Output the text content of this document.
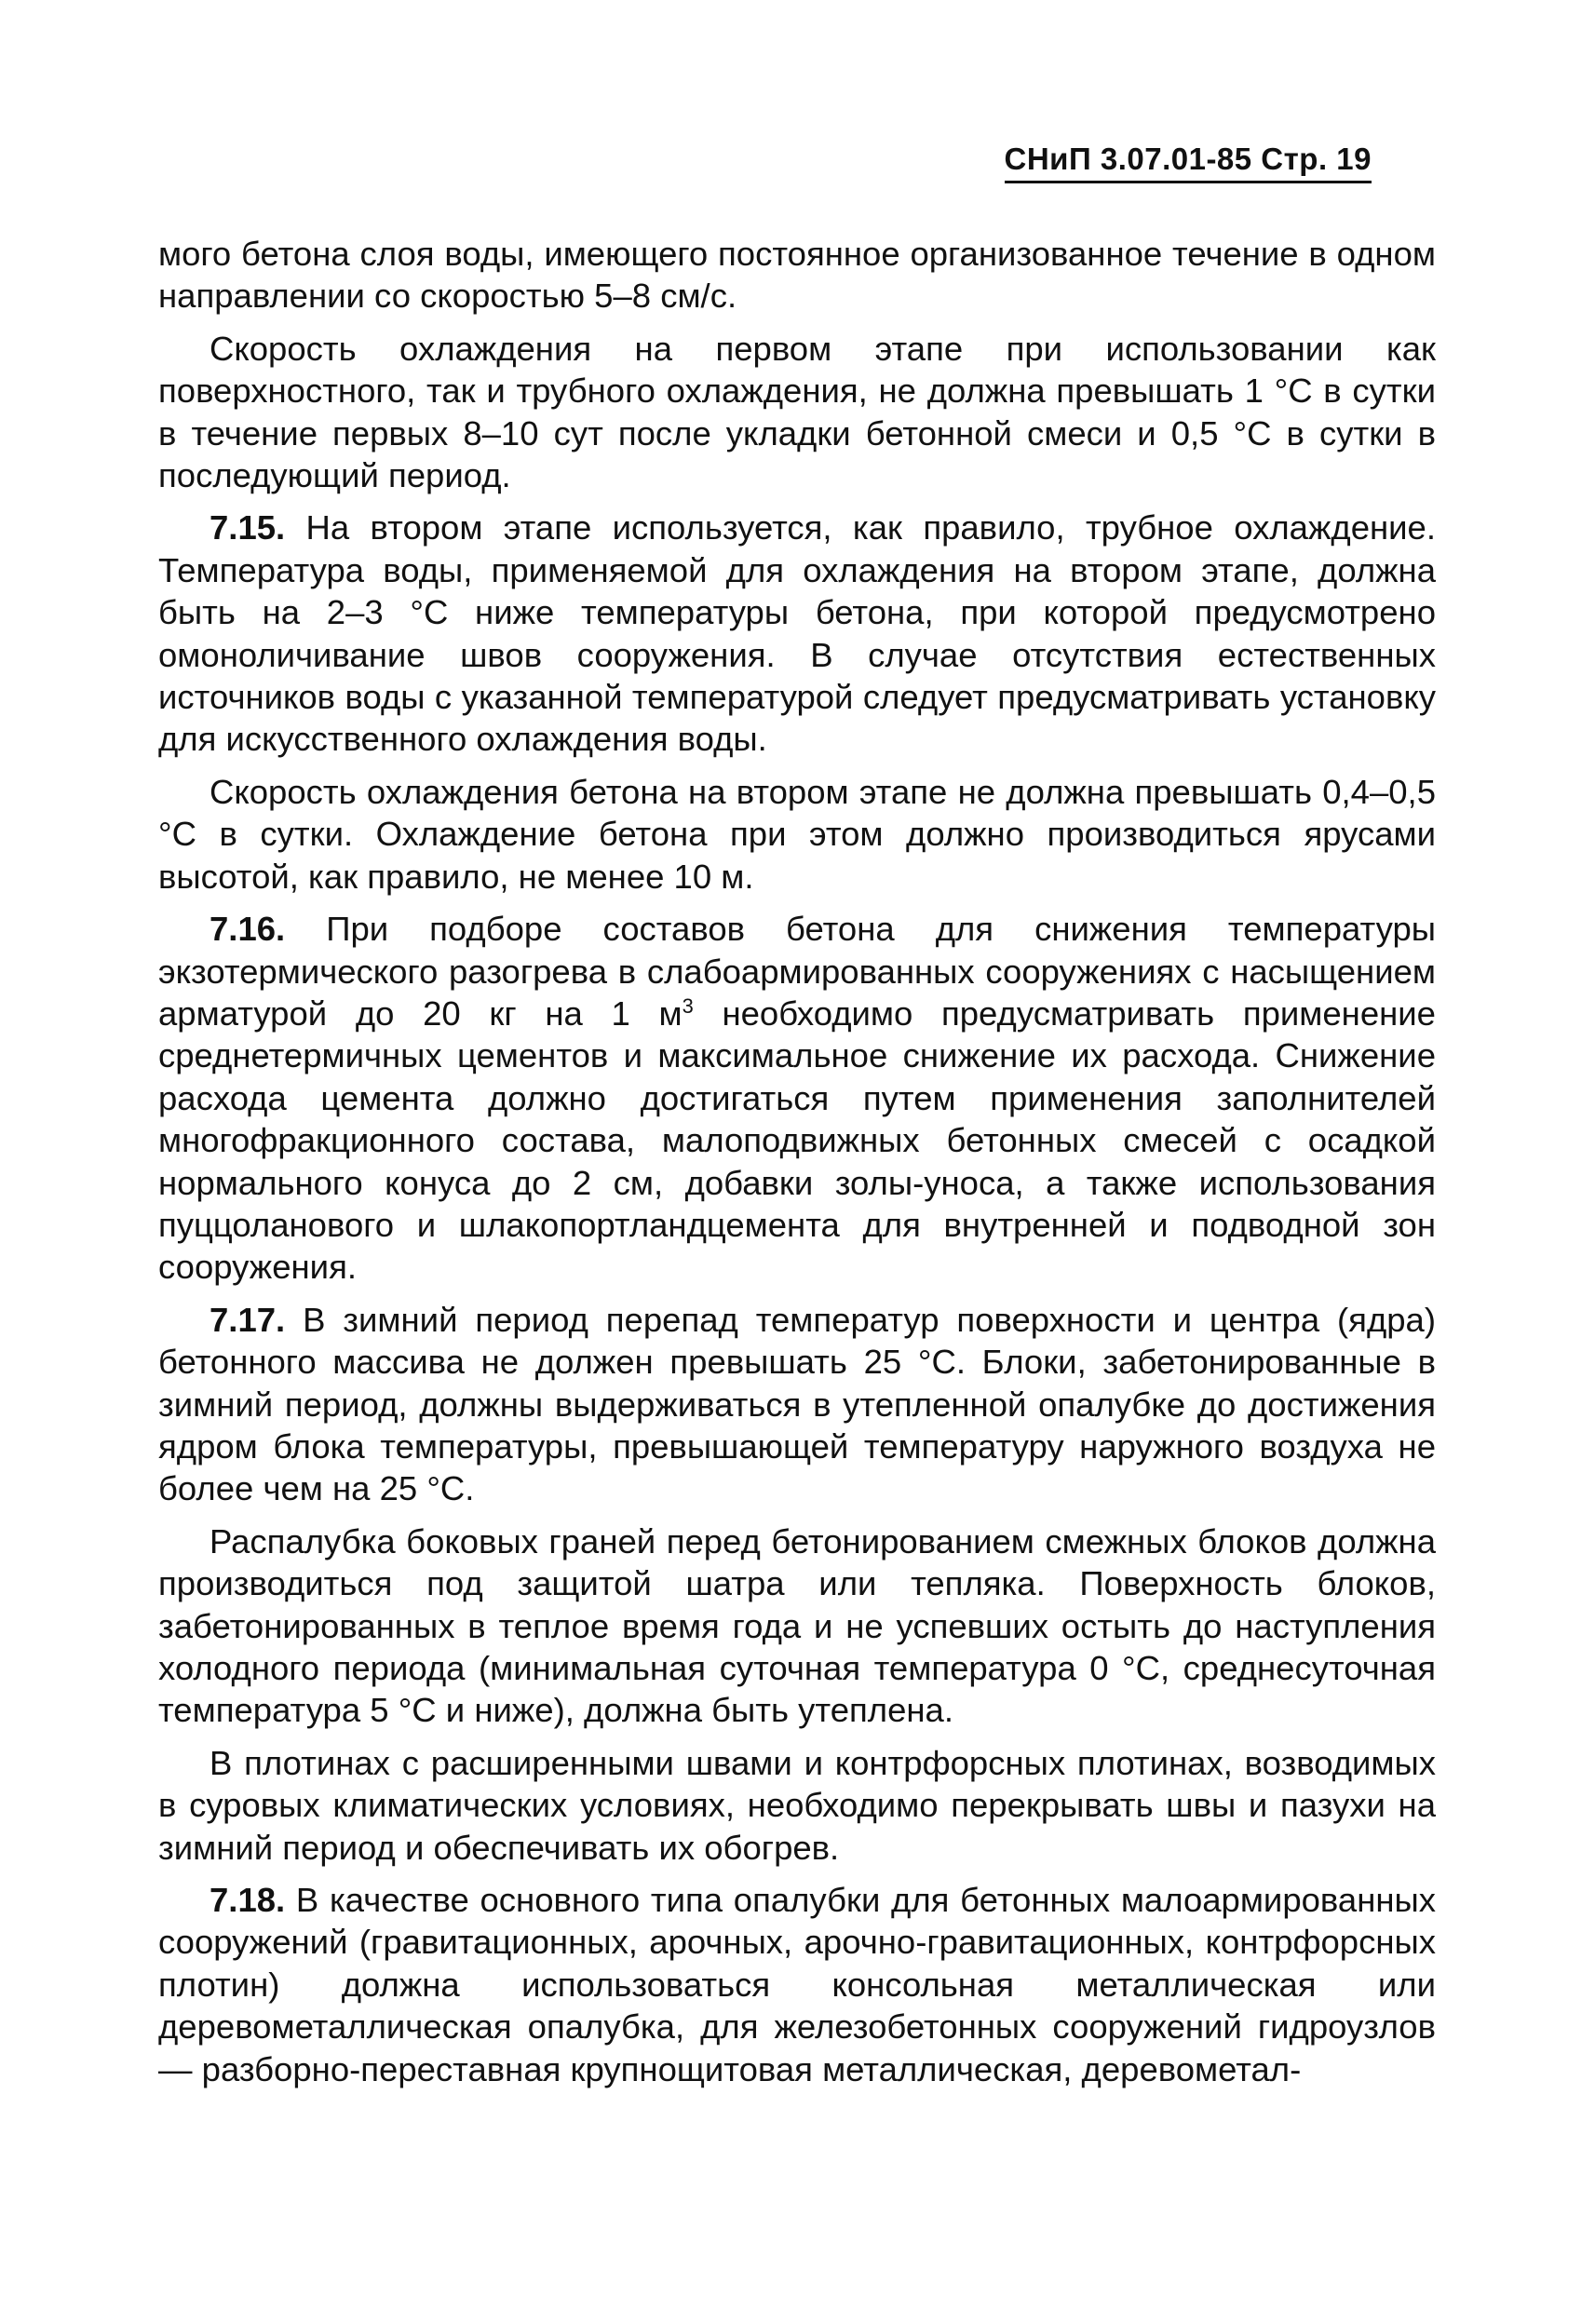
СНиП 3.07.01-85 Стр. 19

мого бетона слоя воды, имеющего постоянное организованное течение в одном направлении со скоростью 5–8 см/с.

Скорость охлаждения на первом этапе при использовании как поверхностного, так и трубного охлаждения, не должна превышать 1 °С в сутки в течение первых 8–10 сут после укладки бетонной смеси и 0,5 °С в сутки в последующий период.

7.15. На втором этапе используется, как правило, трубное охлаждение. Температура воды, применяемой для охлаждения на втором этапе, должна быть на 2–3 °С ниже температуры бетона, при которой предусмотрено омоноличивание швов сооружения. В случае отсутствия естественных источников воды с указанной температурой следует предусматривать установку для искусственного охлаждения воды.

Скорость охлаждения бетона на втором этапе не должна превышать 0,4–0,5 °С в сутки. Охлаждение бетона при этом должно производиться ярусами высотой, как правило, не менее 10 м.

7.16. При подборе составов бетона для снижения температуры экзотермического разогрева в слабоармированных сооружениях с насыщением арматурой до 20 кг на 1 $м^3$ необходимо предусматривать применение среднетермичных цементов и максимальное снижение их расхода. Снижение расхода цемента должно достигаться путем применения заполнителей многофракционного состава, малоподвижных бетонных смесей с осадкой нормального конуса до 2 см, добавки золы-уноса, а также использования пуццоланового и шлакопортландцемента для внутренней и подводной зон сооружения.

7.17. В зимний период перепад температур поверхности и центра (ядра) бетонного массива не должен превышать 25 °С. Блоки, забетонированные в зимний период, должны выдерживаться в утепленной опалубке до достижения ядром блока температуры, превышающей температуру наружного воздуха не более чем на 25 °С.

Распалубка боковых граней перед бетонированием смежных блоков должна производиться под защитой шатра или тепляка. Поверхность блоков, забетонированных в теплое время года и не успевших остыть до наступления холодного периода (минимальная суточная температура 0 °С, среднесуточная температура 5 °С и ниже), должна быть утеплена.

В плотинах с расширенными швами и контрфорсных плотинах, возводимых в суровых климатических условиях, необходимо перекрывать швы и пазухи на зимний период и обеспечивать их обогрев.

7.18. В качестве основного типа опалубки для бетонных малоармированных сооружений (гравитационных, арочных, арочно-гравитационных, контрфорсных плотин) должна использоваться консольная металлическая или деревометаллическая опалубка, для железобетонных сооружений гидроузлов — разборно-переставная крупнощитовая металлическая, деревометал-
